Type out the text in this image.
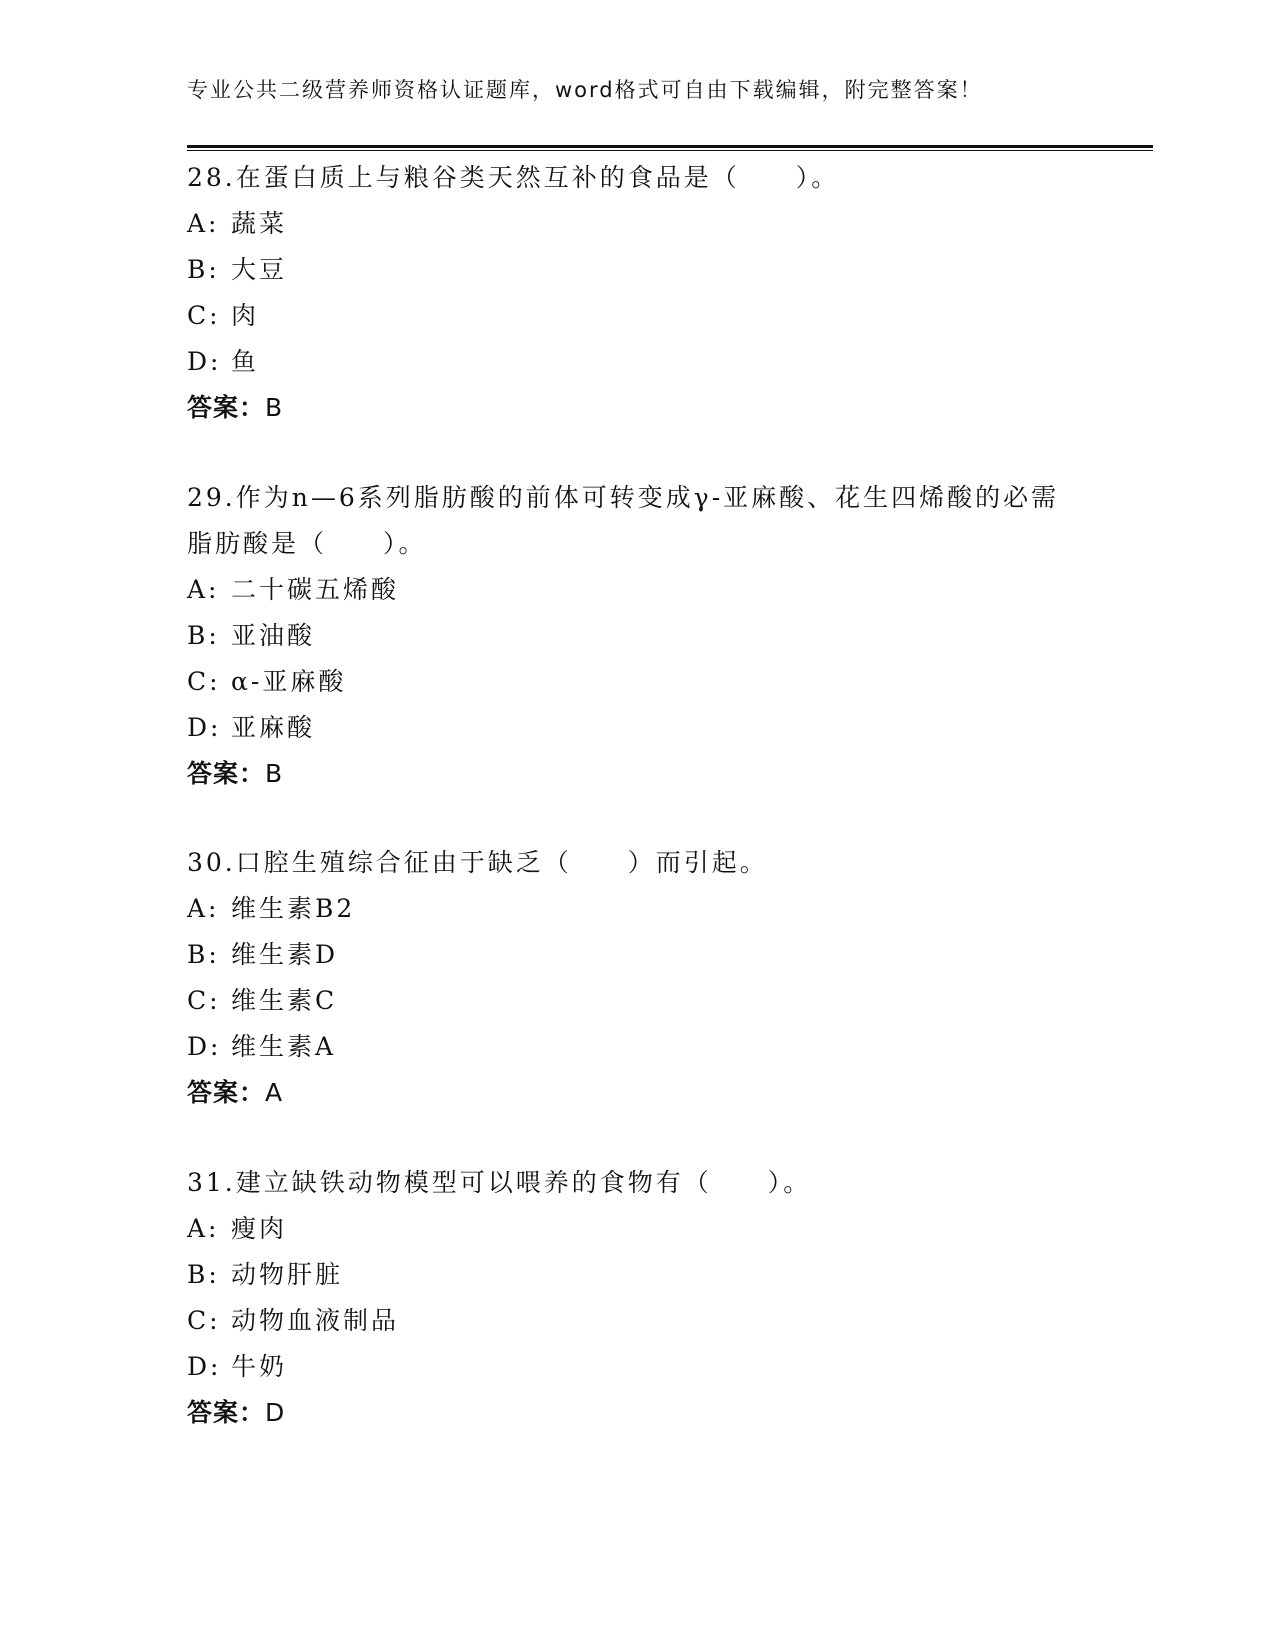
专业公共二级营养师资格认证题库，word格式可自由下载编辑，附完整答案！
28.在蛋白质上与粮谷类天然互补的食品是（　　）。
A: 蔬菜
B: 大豆
C: 肉
D: 鱼
答案：B
29.作为n—6系列脂肪酸的前体可转变成γ-亚麻酸、花生四烯酸的必需脂肪酸是（　　）。
A: 二十碳五烯酸
B: 亚油酸
C: α-亚麻酸
D: 亚麻酸
答案：B
30.口腔生殖综合征由于缺乏（　　）而引起。
A: 维生素B2
B: 维生素D
C: 维生素C
D: 维生素A
答案：A
31.建立缺铁动物模型可以喂养的食物有（　　）。
A: 瘦肉
B: 动物肝脏
C: 动物血液制品
D: 牛奶
答案：D
